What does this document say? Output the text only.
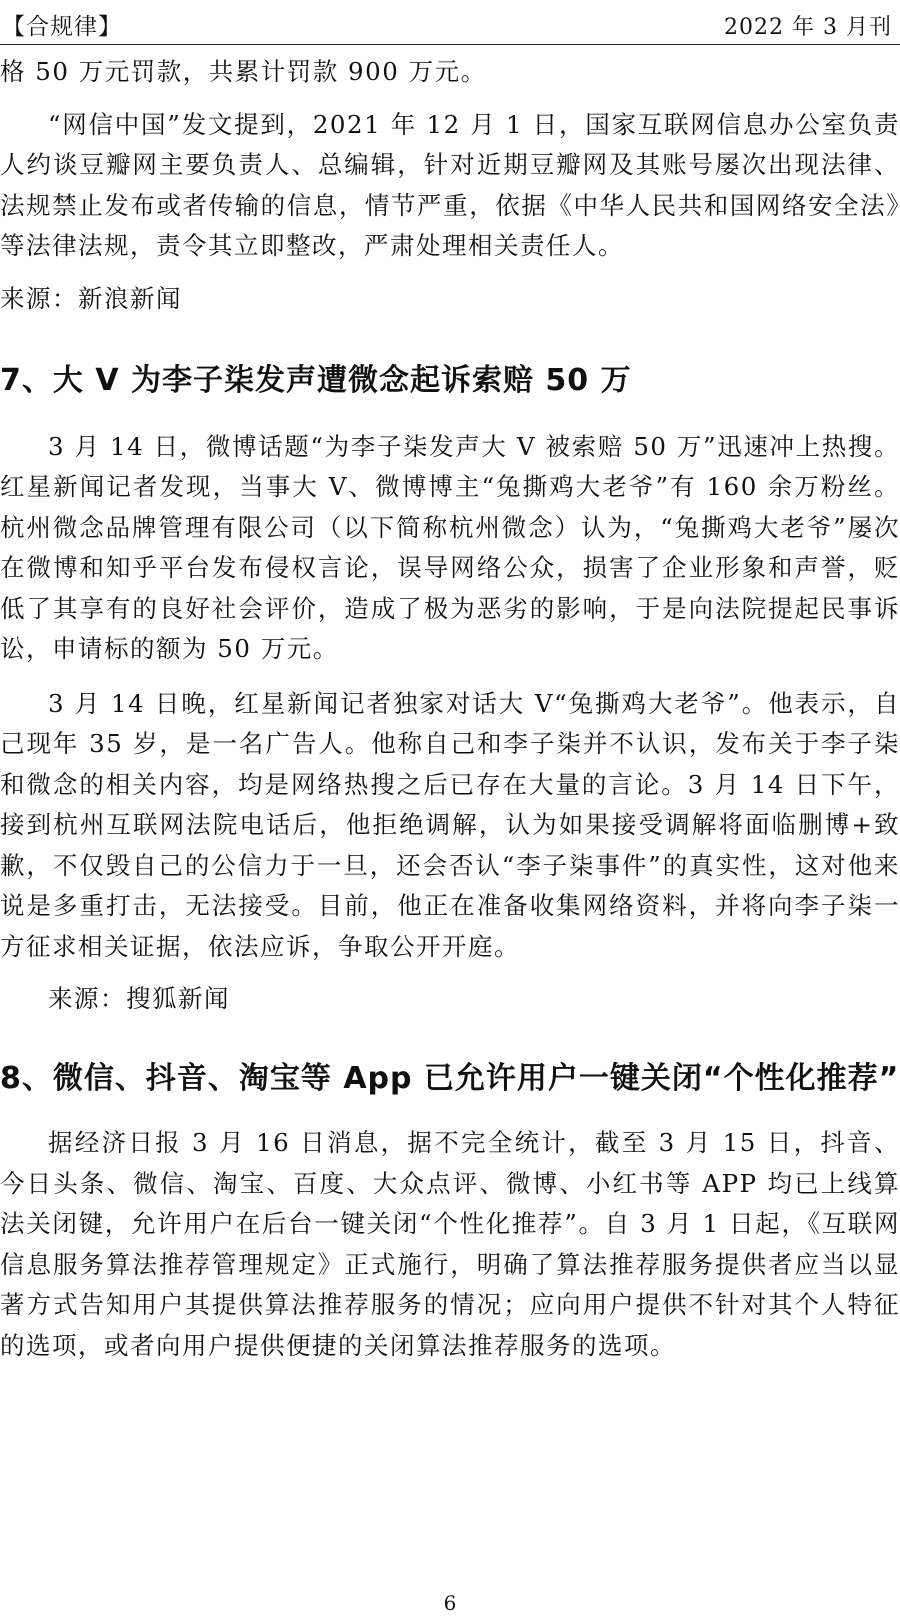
【合规律】	2022 年 3 月刊

格 50 万元罚款，共累计罚款 900 万元。

“网信中国”发文提到，2021 年 12 月 1 日，国家互联网信息办公室负责人约谈豆瓣网主要负责人、总编辑，针对近期豆瓣网及其账号屡次出现法律、法规禁止发布或者传输的信息，情节严重，依据《中华人民共和国网络安全法》等法律法规，责令其立即整改，严肃处理相关责任人。

来源：新浪新闻

7、大 V 为李子柒发声遭微念起诉索赔 50 万

3 月 14 日，微博话题“为李子柒发声大 V 被索赔 50 万”迅速冲上热搜。红星新闻记者发现，当事大 V、微博博主“兔撕鸡大老爷”有 160 余万粉丝。杭州微念品牌管理有限公司（以下简称杭州微念）认为，“兔撕鸡大老爷”屡次在微博和知乎平台发布侵权言论，误导网络公众，损害了企业形象和声誉，贬低了其享有的良好社会评价，造成了极为恶劣的影响，于是向法院提起民事诉讼，申请标的额为 50 万元。

3 月 14 日晚，红星新闻记者独家对话大 V“兔撕鸡大老爷”。他表示，自己现年 35 岁，是一名广告人。他称自己和李子柒并不认识，发布关于李子柒和微念的相关内容，均是网络热搜之后已存在大量的言论。3 月 14 日下午，接到杭州互联网法院电话后，他拒绝调解，认为如果接受调解将面临删博+致歉，不仅毁自己的公信力于一旦，还会否认“李子柒事件”的真实性，这对他来说是多重打击，无法接受。目前，他正在准备收集网络资料，并将向李子柒一方征求相关证据，依法应诉，争取公开开庭。

来源：搜狐新闻

8、微信、抖音、淘宝等 App 已允许用户一键关闭“个性化推荐”

据经济日报 3 月 16 日消息，据不完全统计，截至 3 月 15 日，抖音、今日头条、微信、淘宝、百度、大众点评、微博、小红书等 APP 均已上线算法关闭键，允许用户在后台一键关闭“个性化推荐”。自 3 月 1 日起，《互联网信息服务算法推荐管理规定》正式施行，明确了算法推荐服务提供者应当以显著方式告知用户其提供算法推荐服务的情况；应向用户提供不针对其个人特征的选项，或者向用户提供便捷的关闭算法推荐服务的选项。

6
